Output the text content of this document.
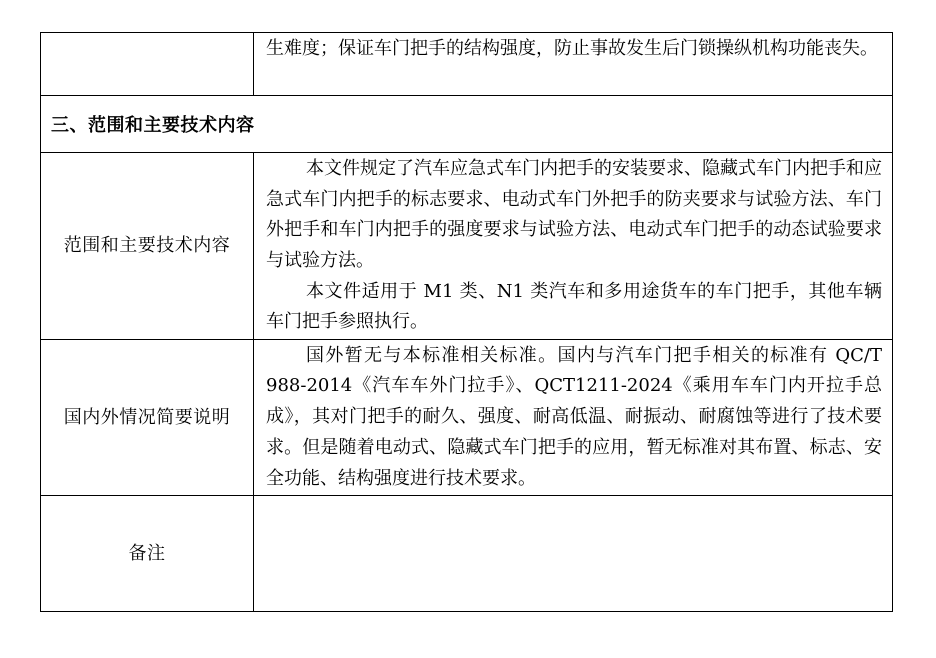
	生难度；保证车门把手的结构强度，防止事故发生后门锁操纵机构功能丧失。

三、范围和主要技术内容	
范围和主要技术内容	本文件规定了汽车应急式车门内把手的安装要求、隐藏式车门内把手和应急式车门内把手的标志要求、电动式车门外把手的防夹要求与试验方法、车门外把手和车门内把手的强度要求与试验方法、电动式车门把手的动态试验要求与试验方法。

本文件适用于 M1 类、N1 类汽车和多用途货车的车门把手，其他车辆车门把手参照执行。

国内外情况简要说明	国外暂无与本标准相关标准。国内与汽车门把手相关的标准有 QC/T 988-2014《汽车车外门拉手》、QCT1211-2024《乘用车车门内开拉手总成》，其对门把手的耐久、强度、耐高低温、耐振动、耐腐蚀等进行了技术要求。但是随着电动式、隐藏式车门把手的应用，暂无标准对其布置、标志、安全功能、结构强度进行技术要求。

备注	
